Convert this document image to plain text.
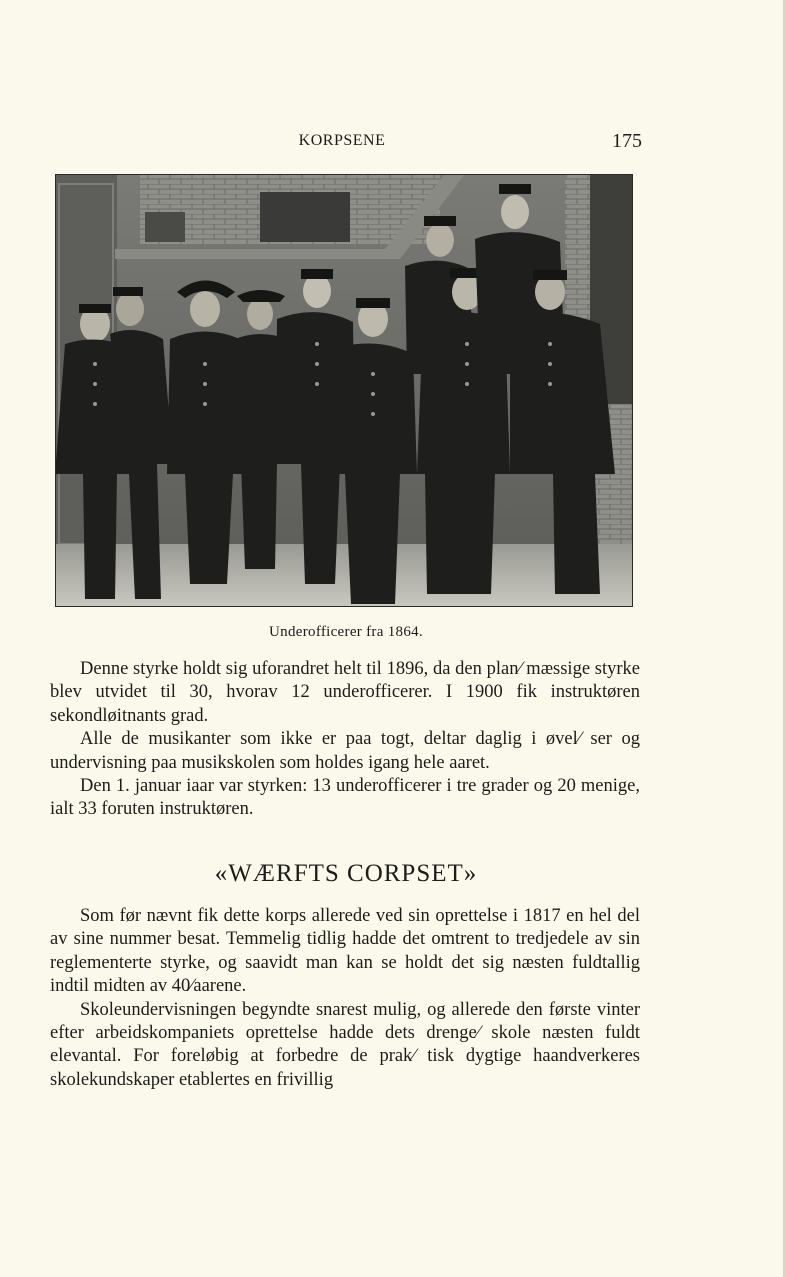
KORPSENE	175
Underofficerer fra 1864.

Denne styrke holdt sig uforandret helt til 1896, da den plan⁄ mæssige styrke blev utvidet til 30, hvorav 12 underofficerer. I 1900 fik instruktøren sekondløitnants grad.

Alle de musikanter som ikke er paa togt, deltar daglig i øvel⁄ ser og undervisning paa musikskolen som holdes igang hele aaret.

Den 1. januar iaar var styrken: 13 underofficerer i tre grader og 20 menige, ialt 33 foruten instruktøren.

«WÆRFTS CORPSET»

Som før nævnt fik dette korps allerede ved sin oprettelse i 1817 en hel del av sine nummer besat. Temmelig tidlig hadde det omtrent to tredjedele av sin reglementerte styrke, og saavidt man kan se holdt det sig næsten fuldtallig indtil midten av 40⁄aarene.

Skoleundervisningen begyndte snarest mulig, og allerede den første vinter efter arbeidskompaniets oprettelse hadde dets drenge⁄ skole næsten fuldt elevantal. For foreløbig at forbedre de prak⁄ tisk dygtige haandverkeres skolekundskaper etablertes en frivillig
